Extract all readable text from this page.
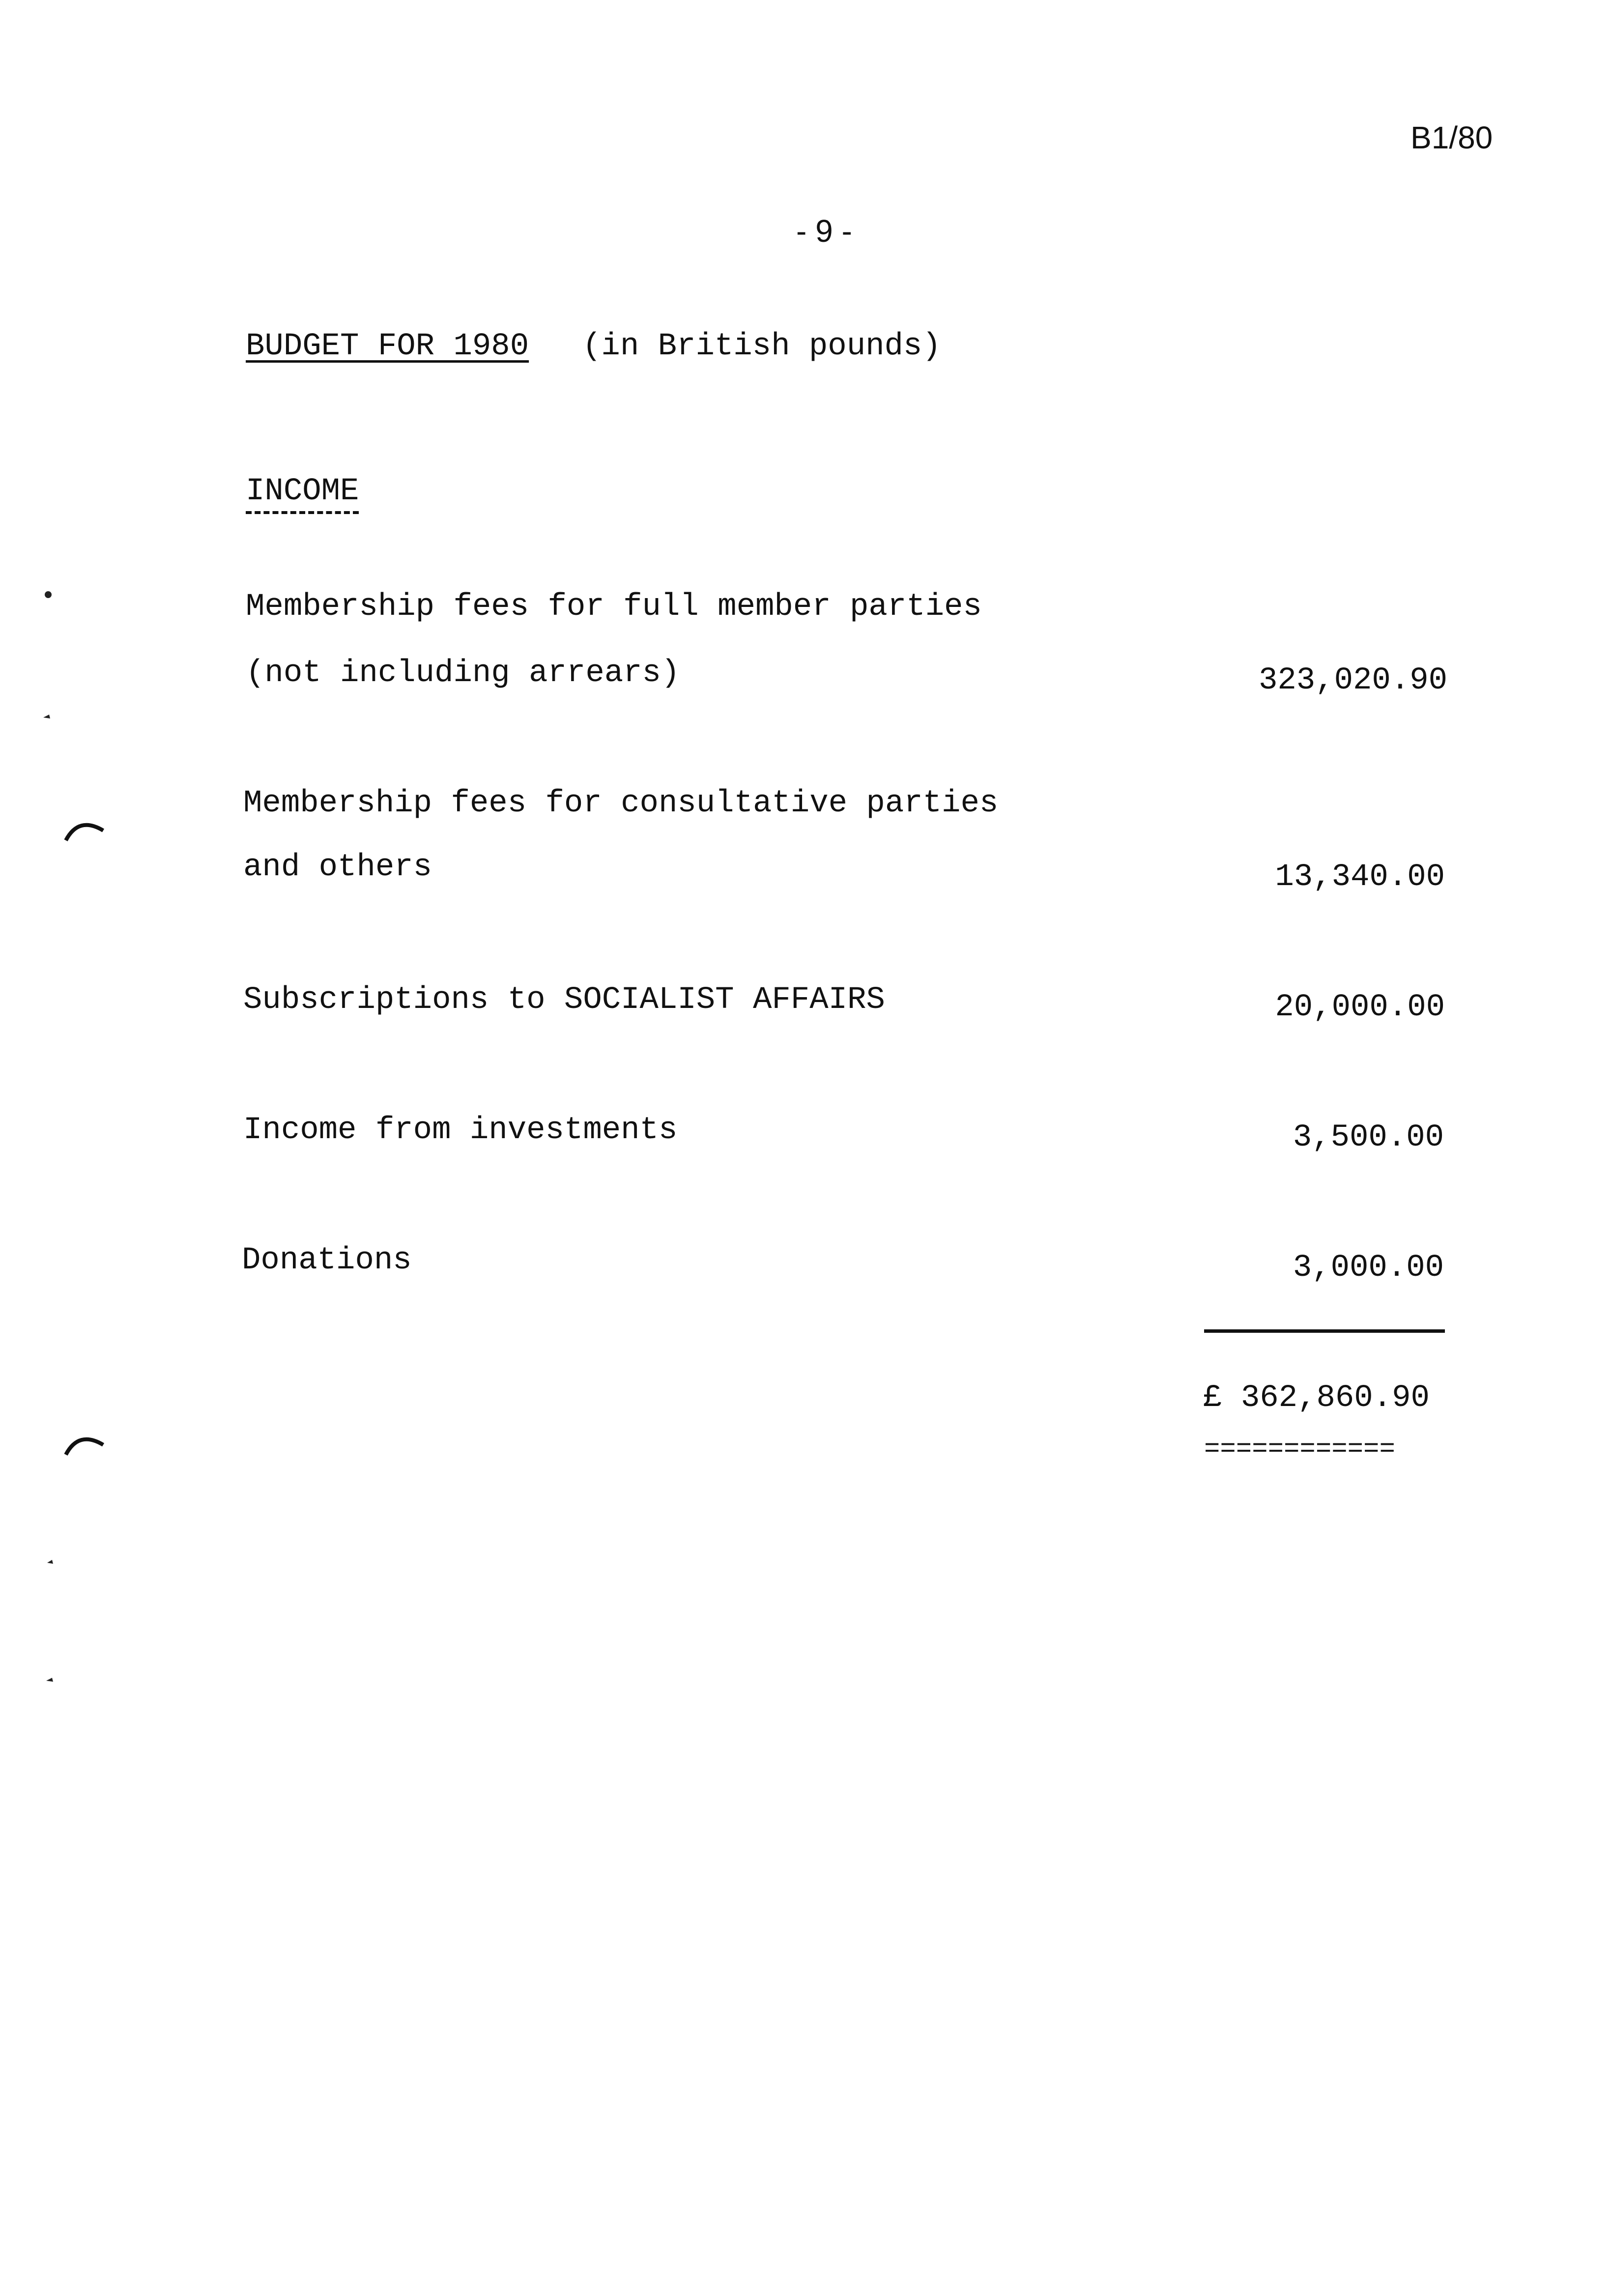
B1/80
- 9 -
BUDGET FOR 1980 (in British pounds)
INCOME
Membership fees for full member parties
(not including arrears)	323,020.90
Membership fees for consultative parties
and others	13,340.00
Subscriptions to SOCIALIST AFFAIRS	20,000.00
Income from investments	3,500.00
Donations	3,000.00
£ 362,860.90
============
